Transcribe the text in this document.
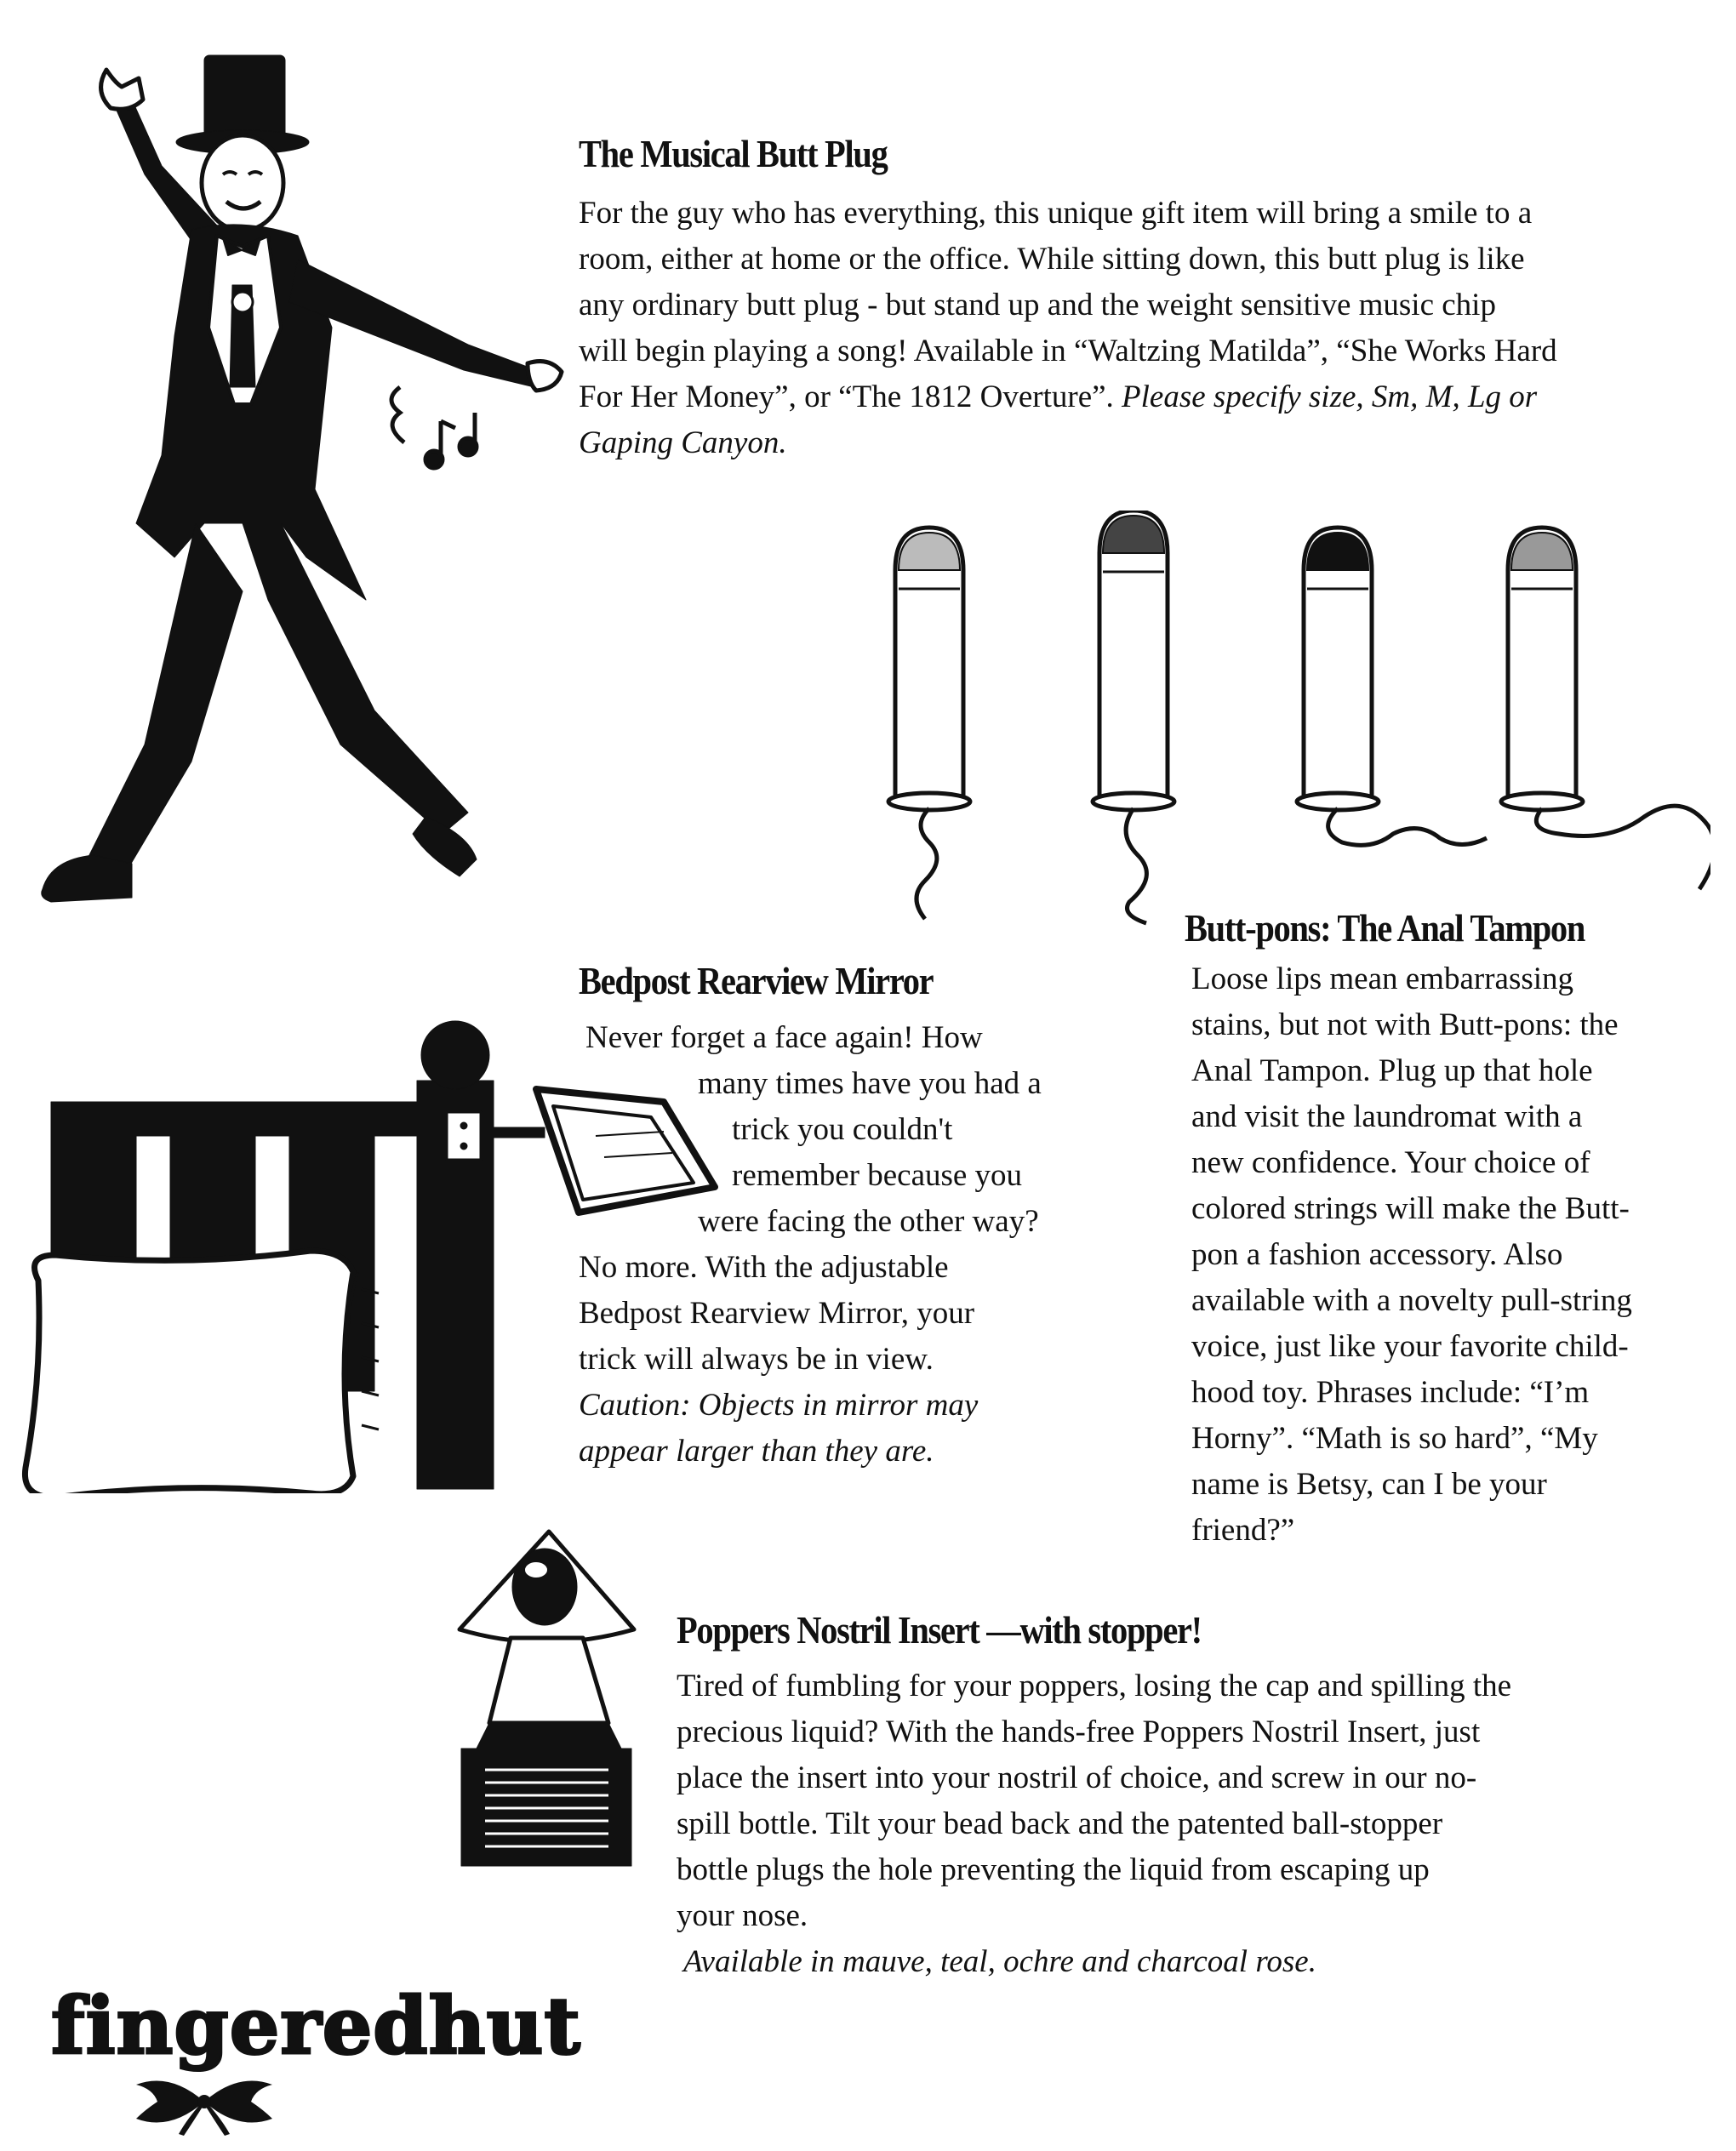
The Musical Butt Plug
For the guy who has everything, this unique gift item will bring a smile to a
room, either at home or the office. While sitting down, this butt plug is like
any ordinary butt plug - but stand up and the weight sensitive music chip
will begin playing a song! Available in “Waltzing Matilda”, “She Works Hard
For Her Money”, or “The 1812 Overture”. Please specify size, Sm, M, Lg or
Gaping Canyon.
Butt-pons: The Anal Tampon
Loose lips mean embarrassing
stains, but not with Butt-pons: the
Anal Tampon. Plug up that hole
and visit the laundromat with a
new confidence. Your choice of
colored strings will make the Butt-
pon a fashion accessory. Also
available with a novelty pull-string
voice, just like your favorite child-
hood toy. Phrases include: “I’m
Horny”. “Math is so hard”, “My
name is Betsy, can I be your
friend?”
Bedpost Rearview Mirror
Never forget a face again! How
many times have you had a
trick you couldn't
remember because you
were facing the other way?
No more. With the adjustable
Bedpost Rearview Mirror, your
trick will always be in view.
Caution: Objects in mirror may
appear larger than they are.
Poppers Nostril Insert —with stopper!
Tired of fumbling for your poppers, losing the cap and spilling the
precious liquid? With the hands-free Poppers Nostril Insert, just
place the insert into your nostril of choice, and screw in our no-
spill bottle. Tilt your bead back and the patented ball-stopper
bottle plugs the hole preventing the liquid from escaping up
your nose.
Available in mauve, teal, ochre and charcoal rose.
fingeredhut
